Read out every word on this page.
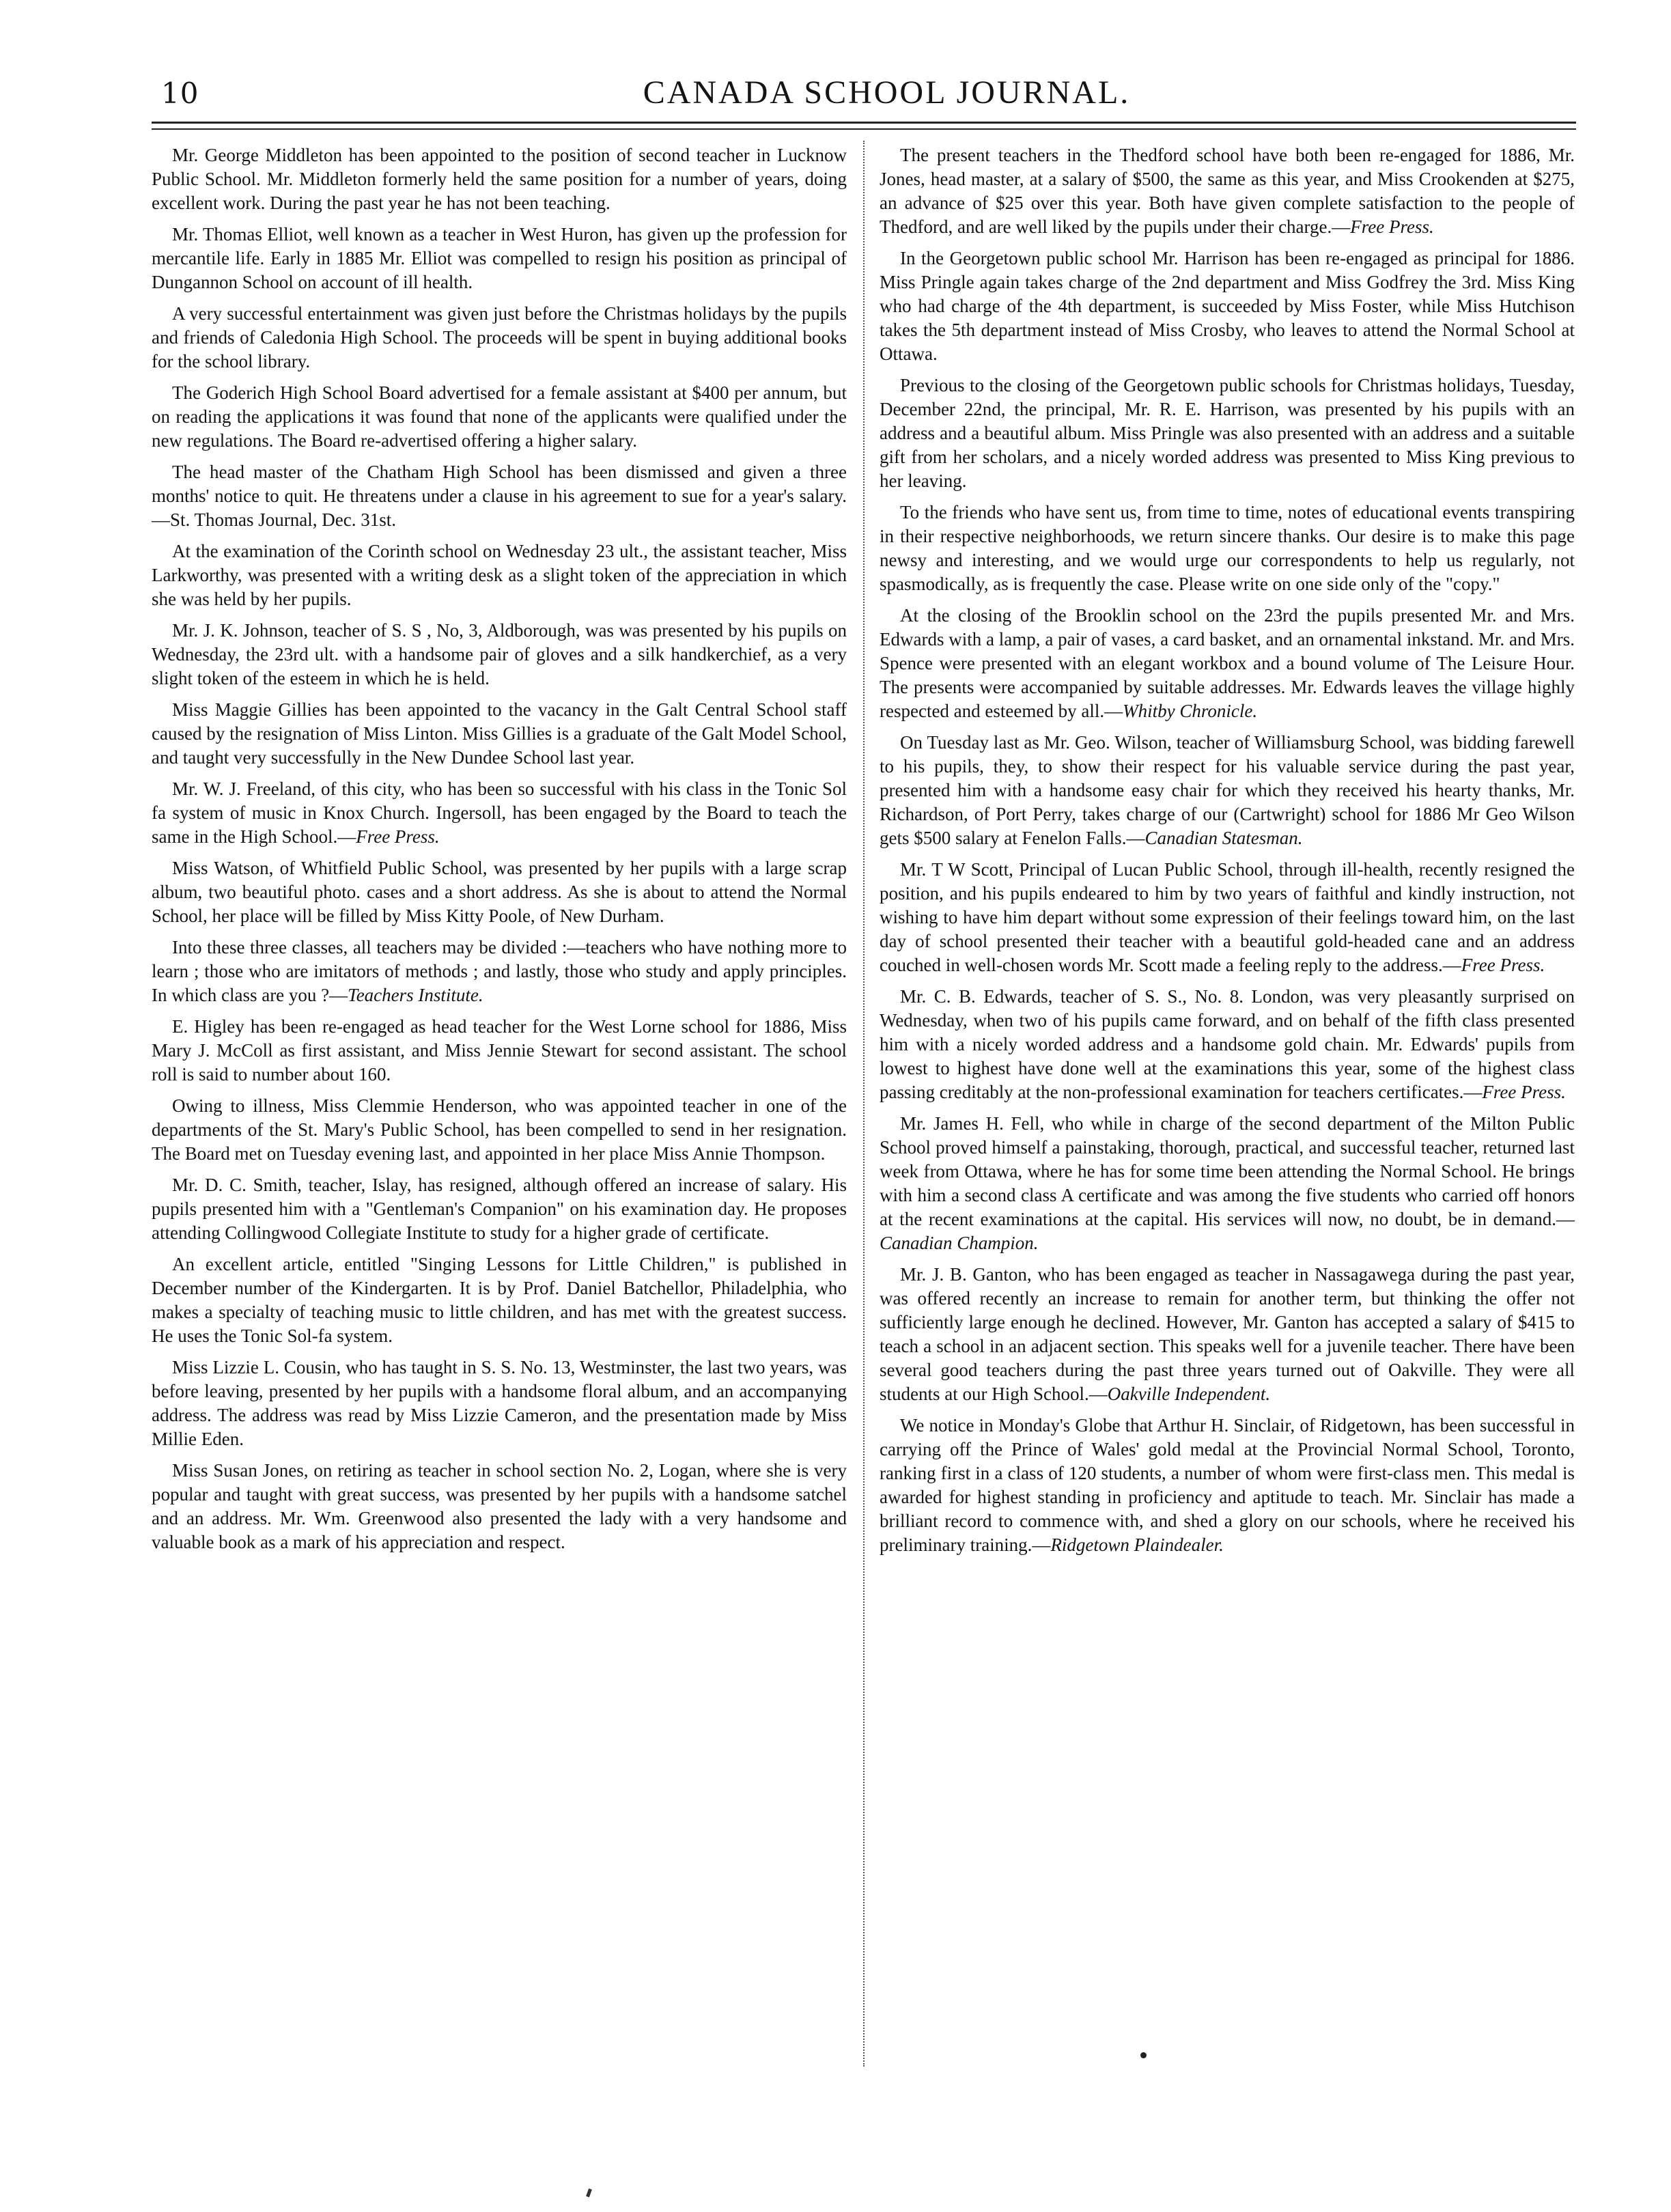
10	CANADA SCHOOL JOURNAL.

Mr. George Middleton has been appointed to the position of second teacher in Lucknow Public School. Mr. Middleton formerly held the same position for a number of years, doing excellent work. During the past year he has not been teaching.

Mr. Thomas Elliot, well known as a teacher in West Huron, has given up the profession for mercantile life. Early in 1885 Mr. Elliot was compelled to resign his position as principal of Dungannon School on account of ill health.

A very successful entertainment was given just before the Christmas holidays by the pupils and friends of Caledonia High School. The proceeds will be spent in buying additional books for the school library.

The Goderich High School Board advertised for a female assistant at $400 per annum, but on reading the applications it was found that none of the applicants were qualified under the new regulations. The Board re-advertised offering a higher salary.

The head master of the Chatham High School has been dismissed and given a three months' notice to quit. He threatens under a clause in his agreement to sue for a year's salary.—St. Thomas Journal, Dec. 31st.

At the examination of the Corinth school on Wednesday 23 ult., the assistant teacher, Miss Larkworthy, was presented with a writing desk as a slight token of the appreciation in which she was held by her pupils.

Mr. J. K. Johnson, teacher of S. S , No, 3, Aldborough, was was presented by his pupils on Wednesday, the 23rd ult. with a handsome pair of gloves and a silk handkerchief, as a very slight token of the esteem in which he is held.

Miss Maggie Gillies has been appointed to the vacancy in the Galt Central School staff caused by the resignation of Miss Linton. Miss Gillies is a graduate of the Galt Model School, and taught very successfully in the New Dundee School last year.

Mr. W. J. Freeland, of this city, who has been so successful with his class in the Tonic Sol fa system of music in Knox Church. Ingersoll, has been engaged by the Board to teach the same in the High School.—Free Press.

Miss Watson, of Whitfield Public School, was presented by her pupils with a large scrap album, two beautiful photo. cases and a short address. As she is about to attend the Normal School, her place will be filled by Miss Kitty Poole, of New Durham.

Into these three classes, all teachers may be divided :—teachers who have nothing more to learn ; those who are imitators of methods ; and lastly, those who study and apply principles. In which class are you ?—Teachers Institute.

E. Higley has been re-engaged as head teacher for the West Lorne school for 1886, Miss Mary J. McColl as first assistant, and Miss Jennie Stewart for second assistant. The school roll is said to number about 160.

Owing to illness, Miss Clemmie Henderson, who was appointed teacher in one of the departments of the St. Mary's Public School, has been compelled to send in her resignation. The Board met on Tuesday evening last, and appointed in her place Miss Annie Thompson.

Mr. D. C. Smith, teacher, Islay, has resigned, although offered an increase of salary. His pupils presented him with a "Gentleman's Companion" on his examination day. He proposes attending Collingwood Collegiate Institute to study for a higher grade of certificate.

An excellent article, entitled "Singing Lessons for Little Children," is published in December number of the Kindergarten. It is by Prof. Daniel Batchellor, Philadelphia, who makes a specialty of teaching music to little children, and has met with the greatest success. He uses the Tonic Sol-fa system.

Miss Lizzie L. Cousin, who has taught in S. S. No. 13, Westminster, the last two years, was before leaving, presented by her pupils with a handsome floral album, and an accompanying address. The address was read by Miss Lizzie Cameron, and the presentation made by Miss Millie Eden.

Miss Susan Jones, on retiring as teacher in school section No. 2, Logan, where she is very popular and taught with great success, was presented by her pupils with a handsome satchel and an address. Mr. Wm. Greenwood also presented the lady with a very handsome and valuable book as a mark of his appreciation and respect.

The present teachers in the Thedford school have both been re-engaged for 1886, Mr. Jones, head master, at a salary of $500, the same as this year, and Miss Crookenden at $275, an advance of $25 over this year. Both have given complete satisfaction to the people of Thedford, and are well liked by the pupils under their charge.—Free Press.

In the Georgetown public school Mr. Harrison has been re-engaged as principal for 1886. Miss Pringle again takes charge of the 2nd department and Miss Godfrey the 3rd. Miss King who had charge of the 4th department, is succeeded by Miss Foster, while Miss Hutchison takes the 5th department instead of Miss Crosby, who leaves to attend the Normal School at Ottawa.

Previous to the closing of the Georgetown public schools for Christmas holidays, Tuesday, December 22nd, the principal, Mr. R. E. Harrison, was presented by his pupils with an address and a beautiful album. Miss Pringle was also presented with an address and a suitable gift from her scholars, and a nicely worded address was presented to Miss King previous to her leaving.

To the friends who have sent us, from time to time, notes of educational events transpiring in their respective neighborhoods, we return sincere thanks. Our desire is to make this page newsy and interesting, and we would urge our correspondents to help us regularly, not spasmodically, as is frequently the case. Please write on one side only of the "copy."

At the closing of the Brooklin school on the 23rd the pupils presented Mr. and Mrs. Edwards with a lamp, a pair of vases, a card basket, and an ornamental inkstand. Mr. and Mrs. Spence were presented with an elegant workbox and a bound volume of The Leisure Hour. The presents were accompanied by suitable addresses. Mr. Edwards leaves the village highly respected and esteemed by all.—Whitby Chronicle.

On Tuesday last as Mr. Geo. Wilson, teacher of Williamsburg School, was bidding farewell to his pupils, they, to show their respect for his valuable service during the past year, presented him with a handsome easy chair for which they received his hearty thanks, Mr. Richardson, of Port Perry, takes charge of our (Cartwright) school for 1886 Mr Geo Wilson gets $500 salary at Fenelon Falls.—Canadian Statesman.

Mr. T W Scott, Principal of Lucan Public School, through ill-health, recently resigned the position, and his pupils endeared to him by two years of faithful and kindly instruction, not wishing to have him depart without some expression of their feelings toward him, on the last day of school presented their teacher with a beautiful gold-headed cane and an address couched in well-chosen words Mr. Scott made a feeling reply to the address.—Free Press.

Mr. C. B. Edwards, teacher of S. S., No. 8. London, was very pleasantly surprised on Wednesday, when two of his pupils came forward, and on behalf of the fifth class presented him with a nicely worded address and a handsome gold chain. Mr. Edwards' pupils from lowest to highest have done well at the examinations this year, some of the highest class passing creditably at the non-professional examination for teachers certificates.—Free Press.

Mr. James H. Fell, who while in charge of the second department of the Milton Public School proved himself a painstaking, thorough, practical, and successful teacher, returned last week from Ottawa, where he has for some time been attending the Normal School. He brings with him a second class A certificate and was among the five students who carried off honors at the recent examinations at the capital. His services will now, no doubt, be in demand.—Canadian Champion.

Mr. J. B. Ganton, who has been engaged as teacher in Nassagawega during the past year, was offered recently an increase to remain for another term, but thinking the offer not sufficiently large enough he declined. However, Mr. Ganton has accepted a salary of $415 to teach a school in an adjacent section. This speaks well for a juvenile teacher. There have been several good teachers during the past three years turned out of Oakville. They were all students at our High School.—Oakville Independent.

We notice in Monday's Globe that Arthur H. Sinclair, of Ridgetown, has been successful in carrying off the Prince of Wales' gold medal at the Provincial Normal School, Toronto, ranking first in a class of 120 students, a number of whom were first-class men. This medal is awarded for highest standing in proficiency and aptitude to teach. Mr. Sinclair has made a brilliant record to commence with, and shed a glory on our schools, where he received his preliminary training.—Ridgetown Plaindealer.
